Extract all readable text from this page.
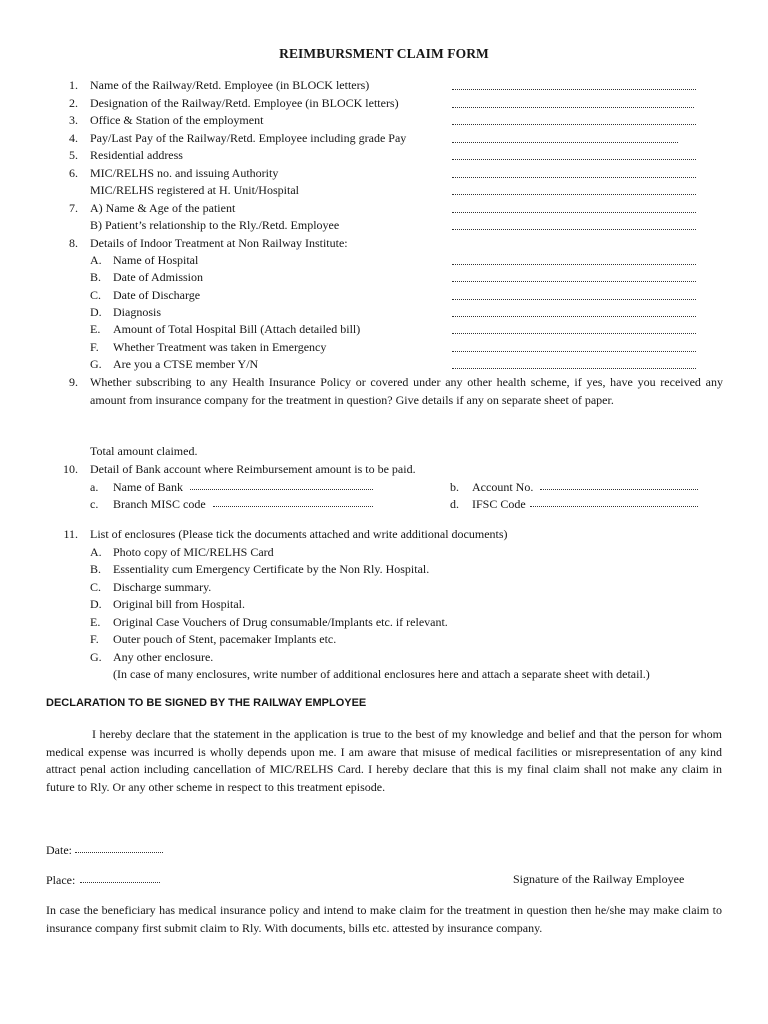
REIMBURSMENT CLAIM FORM
1. Name of the Railway/Retd. Employee (in BLOCK letters)
2. Designation of the Railway/Retd. Employee (in BLOCK letters)
3. Office & Station of the employment
4. Pay/Last Pay of the Railway/Retd. Employee including grade Pay
5. Residential address
6. MIC/RELHS no. and issuing Authority
MIC/RELHS registered at H. Unit/Hospital
7. A) Name & Age of the patient
B) Patient’s relationship to the Rly./Retd. Employee
8. Details of Indoor Treatment at Non Railway Institute:
A. Name of Hospital
B. Date of Admission
C. Date of Discharge
D. Diagnosis
E. Amount of Total Hospital Bill (Attach detailed bill)
F. Whether Treatment was taken in Emergency
G. Are you a CTSE member Y/N
9. Whether subscribing to any Health Insurance Policy or covered under any other health scheme, if yes, have you received any amount from insurance company for the treatment in question? Give details if any on separate sheet of paper.
Total amount claimed.
10. Detail of Bank account where Reimbursement amount is to be paid.
a. Name of Bank	b. Account No.
c. Branch MISC code	d. IFSC Code
11. List of enclosures (Please tick the documents attached and write additional documents)
A. Photo copy of MIC/RELHS Card
B. Essentiality cum Emergency Certificate by the Non Rly. Hospital.
C. Discharge summary.
D. Original bill from Hospital.
E. Original Case Vouchers of Drug consumable/Implants etc. if relevant.
F. Outer pouch of Stent, pacemaker Implants etc.
G. Any other enclosure.
(In case of many enclosures, write number of additional enclosures here and attach a separate sheet with detail.)
DECLARATION TO BE SIGNED BY THE RAILWAY EMPLOYEE
I hereby declare that the statement in the application is true to the best of my knowledge and belief and that the person for whom medical expense was incurred is wholly depends upon me. I am aware that misuse of medical facilities or misrepresentation of any kind attract penal action including cancellation of MIC/RELHS Card. I hereby declare that this is my final claim shall not make any claim in future to Rly. Or any other scheme in respect to this treatment episode.
Date:
Place:	Signature of the Railway Employee
In case the beneficiary has medical insurance policy and intend to make claim for the treatment in question then he/she may make claim to insurance company first submit claim to Rly. With documents, bills etc. attested by insurance company.
